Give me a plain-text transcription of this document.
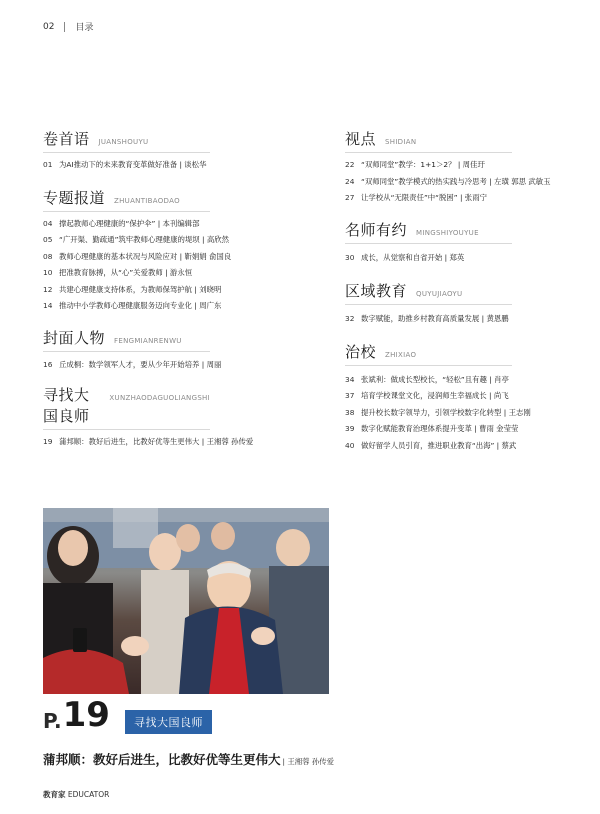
02 目录
卷首语 JUANSHOUYU
01 为AI推动下的未来教育变革做好准备 | 谈松华
专题报道 ZHUANTIBAODAO
04 撑起教师心理健康的“保护伞” | 本刊编辑部
05 “广开渠、勤疏通”筑牢教师心理健康的堤坝 | 高欣然
08 教师心理健康的基本状况与风险应对 | 靳娟娟 俞国良
10 把准教育脉搏，从“心”关爱教师 | 游永恒
12 共建心理健康支持体系，为教师保驾护航 | 刘晓明
14 推动中小学教师心理健康服务迈向专业化 | 周广东
封面人物 FENGMIANRENWU
16 丘成桐：数学领军人才，要从少年开始培养 | 周丽
寻找大国良师
XUNZHAODAGUOLIANGSHI
19 蒲邦顺：教好后进生，比教好优等生更伟大 | 王湘蓉 孙传爱
视点 SHIDIAN
22 “双师同堂”教学：1+1＞2？ | 周佳玗
24 “双师同堂”教学模式的热实践与冷思考 | 左璜 郭思 武敏玉
27 让学校从“无限责任”中“脱困” | 张雨宁
名师有约 MINGSHIYOUYUE
30 成长，从觉察和自省开始 | 郑英
区域教育 QUYUJIAOYU
32 数字赋能，助推乡村教育高质量发展 | 黄恩鹏
治校 ZHIXIAO
34 张斌利：做成长型校长，“轻松”且有趣 | 肖亭
37 培育学校课堂文化，浸润师生幸福成长 | 尚飞
38 提升校长数字领导力，引领学校数字化转型 | 王志刚
39 数字化赋能教育治理体系提升变革 | 曹雨 金莹莹
40 做好留学人员引育，推进职业教育“出海” | 蔡武
P. 19	寻找大国良师
蒲邦顺：教好后进生，比教好优等生更伟大 | 王湘蓉 孙传爱
教育家 EDUCATOR
